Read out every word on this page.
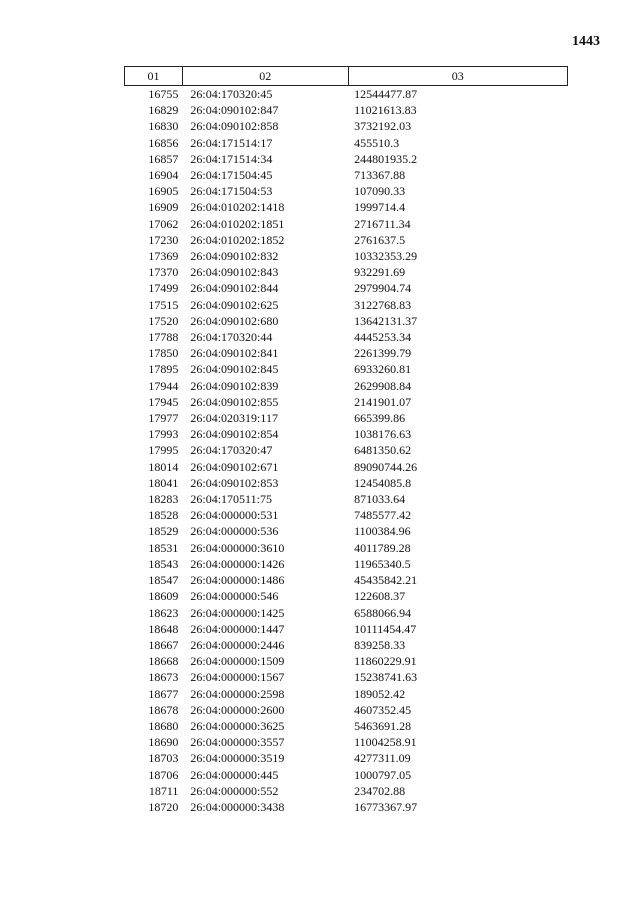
1443
01	02	03
16755	26:04:170320:45	12544477.87
16829	26:04:090102:847	11021613.83
16830	26:04:090102:858	3732192.03
16856	26:04:171514:17	455510.3
16857	26:04:171514:34	244801935.2
16904	26:04:171504:45	713367.88
16905	26:04:171504:53	107090.33
16909	26:04:010202:1418	1999714.4
17062	26:04:010202:1851	2716711.34
17230	26:04:010202:1852	2761637.5
17369	26:04:090102:832	10332353.29
17370	26:04:090102:843	932291.69
17499	26:04:090102:844	2979904.74
17515	26:04:090102:625	3122768.83
17520	26:04:090102:680	13642131.37
17788	26:04:170320:44	4445253.34
17850	26:04:090102:841	2261399.79
17895	26:04:090102:845	6933260.81
17944	26:04:090102:839	2629908.84
17945	26:04:090102:855	2141901.07
17977	26:04:020319:117	665399.86
17993	26:04:090102:854	1038176.63
17995	26:04:170320:47	6481350.62
18014	26:04:090102:671	89090744.26
18041	26:04:090102:853	12454085.8
18283	26:04:170511:75	871033.64
18528	26:04:000000:531	7485577.42
18529	26:04:000000:536	1100384.96
18531	26:04:000000:3610	4011789.28
18543	26:04:000000:1426	11965340.5
18547	26:04:000000:1486	45435842.21
18609	26:04:000000:546	122608.37
18623	26:04:000000:1425	6588066.94
18648	26:04:000000:1447	10111454.47
18667	26:04:000000:2446	839258.33
18668	26:04:000000:1509	11860229.91
18673	26:04:000000:1567	15238741.63
18677	26:04:000000:2598	189052.42
18678	26:04:000000:2600	4607352.45
18680	26:04:000000:3625	5463691.28
18690	26:04:000000:3557	11004258.91
18703	26:04:000000:3519	4277311.09
18706	26:04:000000:445	1000797.05
18711	26:04:000000:552	234702.88
18720	26:04:000000:3438	16773367.97
